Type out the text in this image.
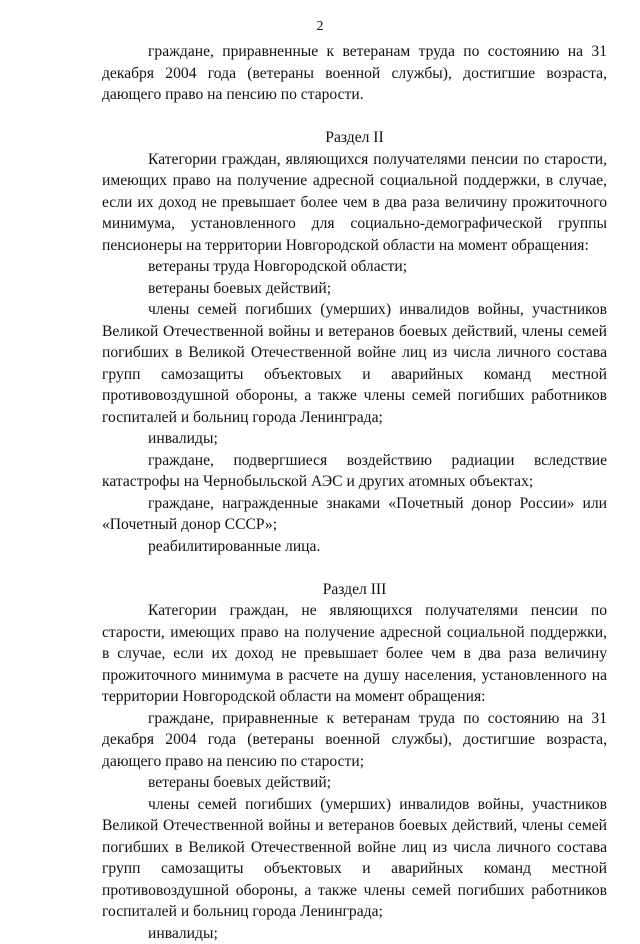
2
граждане, приравненные к ветеранам труда по состоянию на 31 декабря 2004 года (ветераны военной службы), достигшие возраста, дающего право на пенсию по старости.
Раздел II
Категории граждан, являющихся получателями пенсии по старости, имеющих право на получение адресной социальной поддержки, в случае, если их доход не превышает более чем в два раза величину прожиточного минимума, установленного для социально-демографической группы пенсионеры на территории Новгородской области на момент обращения:
ветераны труда Новгородской области;
ветераны боевых действий;
члены семей погибших (умерших) инвалидов войны, участников Великой Отечественной войны и ветеранов боевых действий, члены семей погибших в Великой Отечественной войне лиц из числа личного состава групп самозащиты объектовых и аварийных команд местной противовоздушной обороны, а также члены семей погибших работников госпиталей и больниц города Ленинграда;
инвалиды;
граждане, подвергшиеся воздействию радиации вследствие катастрофы на Чернобыльской АЭС и других атомных объектах;
граждане, награжденные знаками «Почетный донор России» или «Почетный донор СССР»;
реабилитированные лица.
Раздел III
Категории граждан, не являющихся получателями пенсии по старости, имеющих право на получение адресной социальной поддержки, в случае, если их доход не превышает более чем в два раза величину прожиточного минимума в расчете на душу населения, установленного на территории Новгородской области на момент обращения:
граждане, приравненные к ветеранам труда по состоянию на 31 декабря 2004 года (ветераны военной службы), достигшие возраста, дающего право на пенсию по старости;
ветераны боевых действий;
члены семей погибших (умерших) инвалидов войны, участников Великой Отечественной войны и ветеранов боевых действий, члены семей погибших в Великой Отечественной войне лиц из числа личного состава групп самозащиты объектовых и аварийных команд местной противовоздушной обороны, а также члены семей погибших работников госпиталей и больниц города Ленинграда;
инвалиды;
